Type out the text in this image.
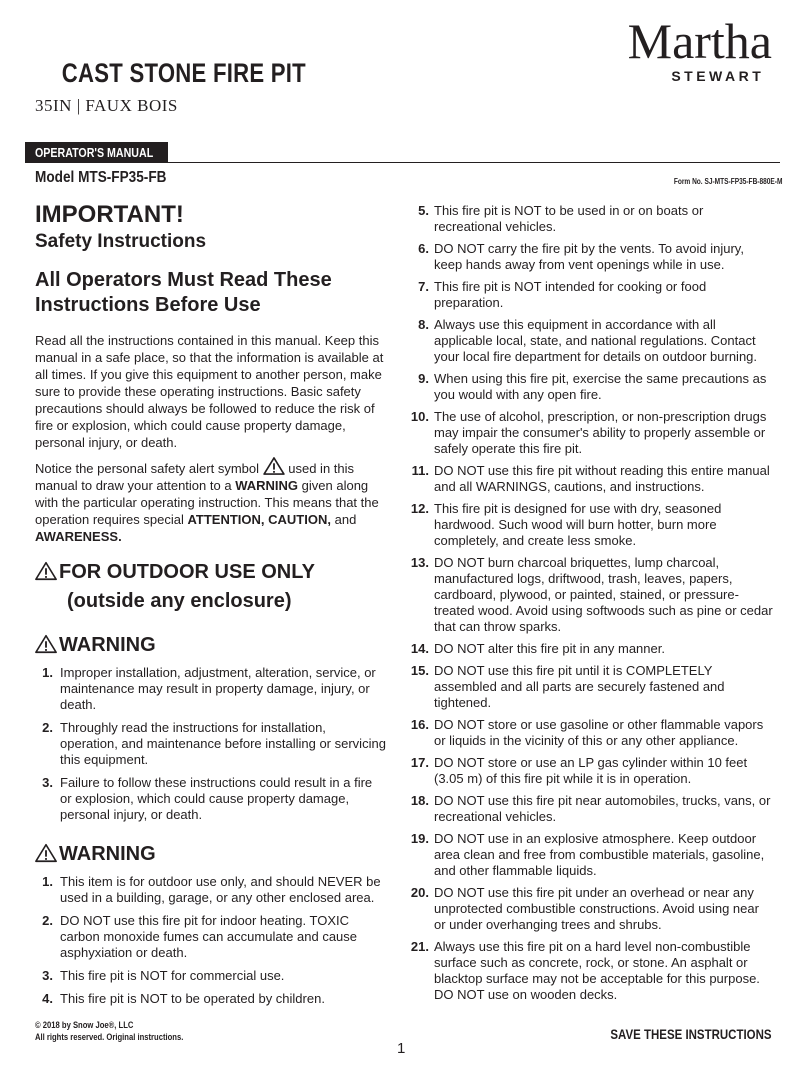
CAST STONE FIRE PIT
35IN | FAUX BOIS
Martha
STEWART
OPERATOR'S MANUAL
Model MTS-FP35-FB	Form No. SJ-MTS-FP35-FB-880E-M
IMPORTANT!
Safety Instructions
All Operators Must Read These Instructions Before Use

Read all the instructions contained in this manual. Keep this manual in a safe place, so that the information is available at all times. If you give this equipment to another person, make sure to provide these operating instructions. Basic safety precautions should always be followed to reduce the risk of fire or explosion, which could cause property damage, personal injury, or death.

Notice the personal safety alert symbol used in this manual to draw your attention to a WARNING given along with the particular operating instruction. This means that the operation requires special ATTENTION, CAUTION, and AWARENESS.

FOR OUTDOOR USE ONLY
(outside any enclosure)
WARNING
1. Improper installation, adjustment, alteration, service, or maintenance may result in property damage, injury, or death.
2. Throughly read the instructions for installation, operation, and maintenance before installing or servicing this equipment.
3. Failure to follow these instructions could result in a fire or explosion, which could cause property damage, personal injury, or death.
WARNING
1. This item is for outdoor use only, and should NEVER be used in a building, garage, or any other enclosed area.
2. DO NOT use this fire pit for indoor heating. TOXIC carbon monoxide fumes can accumulate and cause asphyxiation or death.
3. This fire pit is NOT for commercial use.
4. This fire pit is NOT to be operated by children.
5. This fire pit is NOT to be used in or on boats or recreational vehicles.
6. DO NOT carry the fire pit by the vents. To avoid injury, keep hands away from vent openings while in use.
7. This fire pit is NOT intended for cooking or food preparation.
8. Always use this equipment in accordance with all applicable local, state, and national regulations. Contact your local fire department for details on outdoor burning.
9. When using this fire pit, exercise the same precautions as you would with any open fire.
10. The use of alcohol, prescription, or non-prescription drugs may impair the consumer's ability to properly assemble or safely operate this fire pit.
11. DO NOT use this fire pit without reading this entire manual and all WARNINGS, cautions, and instructions.
12. This fire pit is designed for use with dry, seasoned hardwood. Such wood will burn hotter, burn more completely, and create less smoke.
13. DO NOT burn charcoal briquettes, lump charcoal, manufactured logs, driftwood, trash, leaves, papers, cardboard, plywood, or painted, stained, or pressure-treated wood. Avoid using softwoods such as pine or cedar that can throw sparks.
14. DO NOT alter this fire pit in any manner.
15. DO NOT use this fire pit until it is COMPLETELY assembled and all parts are securely fastened and tightened.
16. DO NOT store or use gasoline or other flammable vapors or liquids in the vicinity of this or any other appliance.
17. DO NOT store or use an LP gas cylinder within 10 feet (3.05 m) of this fire pit while it is in operation.
18. DO NOT use this fire pit near automobiles, trucks, vans, or recreational vehicles.
19. DO NOT use in an explosive atmosphere. Keep outdoor area clean and free from combustible materials, gasoline, and other flammable liquids.
20. DO NOT use this fire pit under an overhead or near any unprotected combustible constructions. Avoid using near or under overhanging trees and shrubs.
21. Always use this fire pit on a hard level non-combustible surface such as concrete, rock, or stone. An asphalt or blacktop surface may not be acceptable for this purpose. DO NOT use on wooden decks.
© 2018 by Snow Joe®, LLC
All rights reserved. Original instructions.	SAVE THESE INSTRUCTIONS
1
